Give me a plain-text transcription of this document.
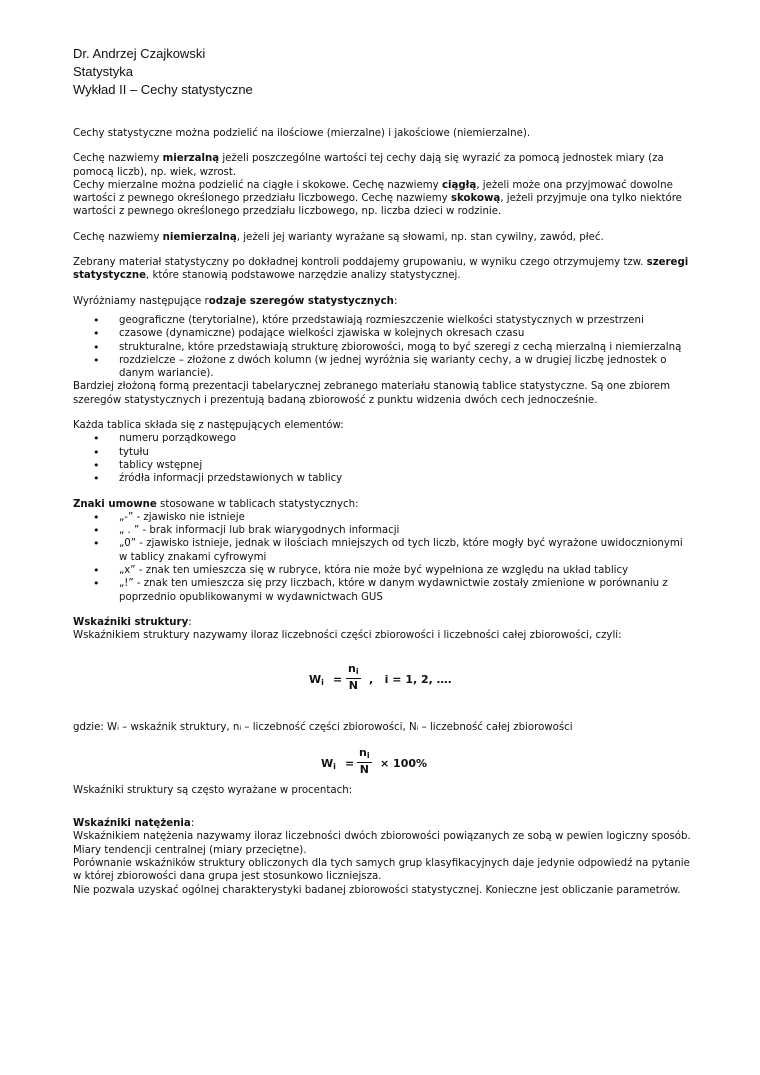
Dr. Andrzej Czajkowski
Statystyka
Wykład II – Cechy statystyczne

Cechy statystyczne można podzielić na ilościowe (mierzalne) i jakościowe (niemierzalne).

Cechę nazwiemy mierzalną jeżeli poszczególne wartości tej cechy dają się wyrazić za pomocą jednostek miary (za pomocą liczb), np. wiek, wzrost.

Cechy mierzalne można podzielić na ciągłe i skokowe. Cechę nazwiemy ciągłą, jeżeli może ona przyjmować dowolne wartości z pewnego określonego przedziału liczbowego. Cechę nazwiemy skokową, jeżeli przyjmuje ona tylko niektóre wartości z pewnego określonego przedziału liczbowego, np. liczba dzieci w rodzinie.

Cechę nazwiemy niemierzalną, jeżeli jej warianty wyrażane są słowami, np. stan cywilny, zawód, płeć.

Zebrany materiał statystyczny po dokładnej kontroli poddajemy grupowaniu, w wyniku czego otrzymujemy tzw. szeregi statystyczne, które stanowią podstawowe narzędzie analizy statystycznej.

Wyróżniamy następujące rodzaje szeregów statystycznych:

• geograficzne (terytorialne), które przedstawiają rozmieszczenie wielkości statystycznych w przestrzeni
• czasowe (dynamiczne) podające wielkości zjawiska w kolejnych okresach czasu
• strukturalne, które przedstawiają strukturę zbiorowości, mogą to być szeregi z cechą mierzalną i niemierzalną
• rozdzielcze – złożone z dwóch kolumn (w jednej wyróżnia się warianty cechy, a w drugiej liczbę jednostek o danym wariancie).

Bardziej złożoną formą prezentacji tabelarycznej zebranego materiału stanowią tablice statystyczne. Są one zbiorem szeregów statystycznych i prezentują badaną zbiorowość z punktu widzenia dwóch cech jednocześnie.

Każda tablica składa się z następujących elementów:

• numeru porządkowego
• tytułu
• tablicy wstępnej
• źródła informacji przedstawionych w tablicy

Znaki umowne stosowane w tablicach statystycznych:

• „-” - zjawisko nie istnieje
• „ . ” - brak informacji lub brak wiarygodnych informacji
• „0” - zjawisko istnieje, jednak w ilościach mniejszych od tych liczb, które mogły być wyrażone uwidocznionymi w tablicy znakami cyfrowymi
• „x” - znak ten umieszcza się w rubryce, która nie może być wypełniona ze względu na układ tablicy
• „!” - znak ten umieszcza się przy liczbach, które w danym wydawnictwie zostały zmienione w porównaniu z poprzednio opublikowanymi w wydawnictwach GUS

Wskaźniki struktury:

Wskaźnikiem struktury nazywamy iloraz liczebności części zbiorowości i liczebności całej zbiorowości, czyli:

$W_i = \frac{n_i}{N}$ ,   i = 1, 2, ….

gdzie: Wᵢ – wskaźnik struktury, nᵢ – liczebność części zbiorowości, Nᵢ – liczebność całej zbiorowości

$W_i = \frac{n_i}{N} \times 100\%$

Wskaźniki struktury są często wyrażane w procentach:

Wskaźniki natężenia:

Wskaźnikiem natężenia nazywamy iloraz liczebności dwóch zbiorowości powiązanych ze sobą w pewien logiczny sposób.

Miary tendencji centralnej (miary przeciętne).

Porównanie wskaźników struktury obliczonych dla tych samych grup klasyfikacyjnych daje jedynie odpowiedź na pytanie w której zbiorowości dana grupa jest stosunkowo liczniejsza.

Nie pozwala uzyskać ogólnej charakterystyki badanej zbiorowości statystycznej. Konieczne jest obliczanie parametrów.
